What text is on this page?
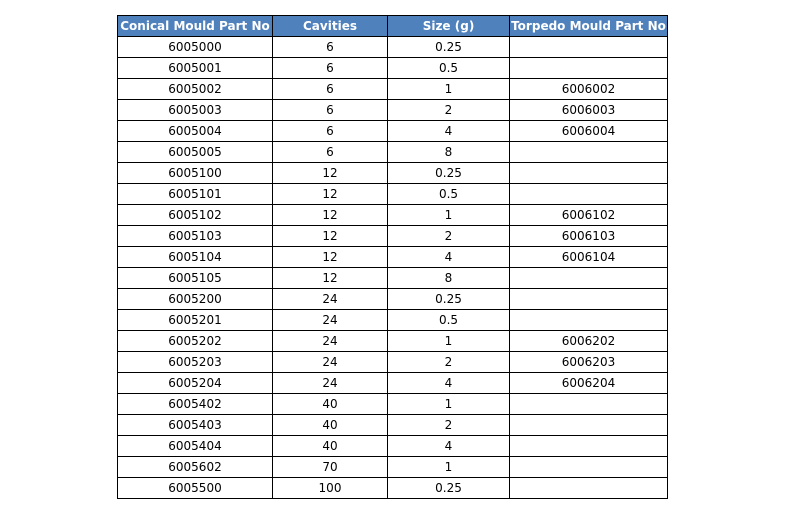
Conical Mould Part No	Cavities	Size (g)	Torpedo Mould Part No
6005000	6	0.25	
6005001	6	0.5	
6005002	6	1	6006002
6005003	6	2	6006003
6005004	6	4	6006004
6005005	6	8	
6005100	12	0.25	
6005101	12	0.5	
6005102	12	1	6006102
6005103	12	2	6006103
6005104	12	4	6006104
6005105	12	8	
6005200	24	0.25	
6005201	24	0.5	
6005202	24	1	6006202
6005203	24	2	6006203
6005204	24	4	6006204
6005402	40	1	
6005403	40	2	
6005404	40	4	
6005602	70	1	
6005500	100	0.25	
